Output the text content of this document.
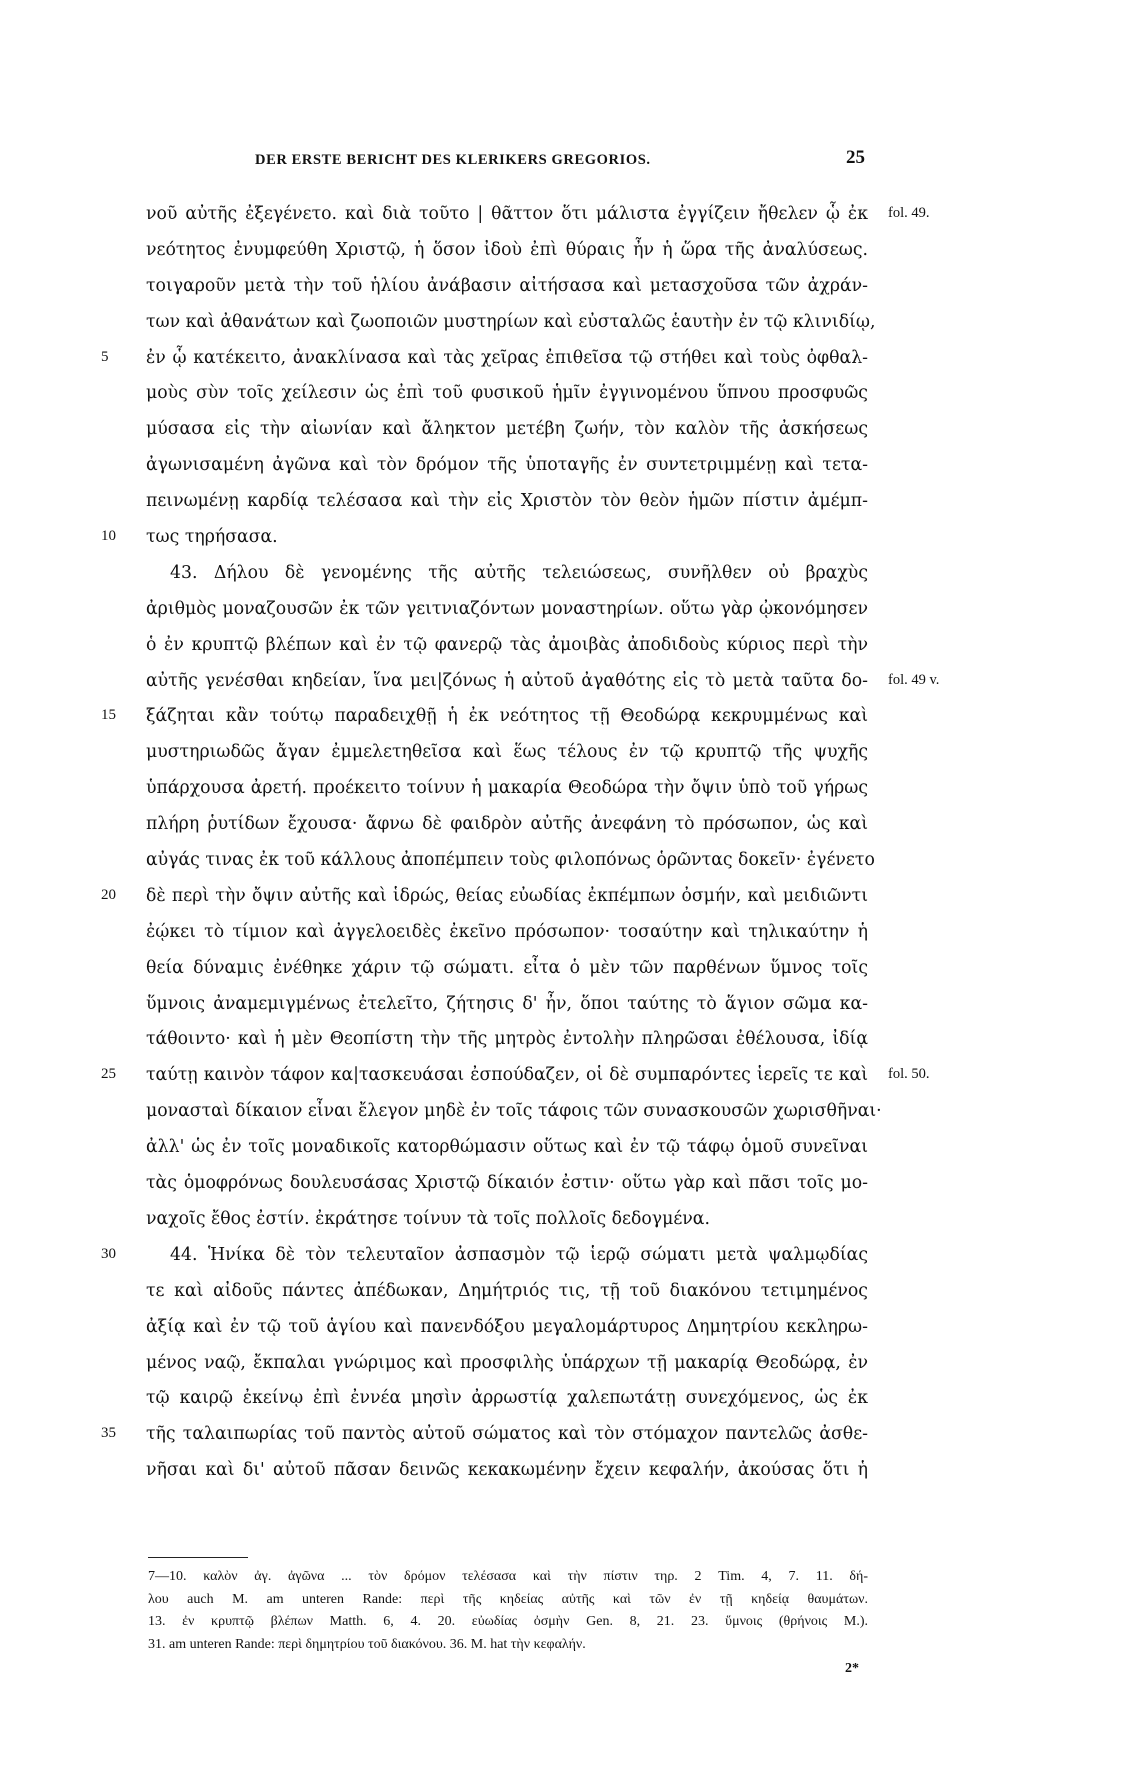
DER ERSTE BERICHT DES KLERIKERS GREGORIOS.	25
νοῦ αὐτῆς ἐξεγένετο. καὶ διὰ τοῦτο | θᾶττον ὅτι μάλιστα ἐγγίζειν ἤθελεν ᾧ ἐκ fol. 49.
νεότητος ἐνυμφεύθη Χριστῷ, ἡ ὅσον ἰδοὺ ἐπὶ θύραις ἦν ἡ ὥρα τῆς ἀναλύσεως.
τοιγαροῦν μετὰ τὴν τοῦ ἡλίου ἀνάβασιν αἰτήσασα καὶ μετασχοῦσα τῶν ἀχράν-
των καὶ ἀθανάτων καὶ ζωοποιῶν μυστηρίων καὶ εὐσταλῶς ἑαυτὴν ἐν τῷ κλινιδίῳ,
5 ἐν ᾧ κατέκειτο, ἀνακλίνασα καὶ τὰς χεῖρας ἐπιθεῖσα τῷ στήθει καὶ τοὺς ὀφθαλ-
μοὺς σὺν τοῖς χείλεσιν ὡς ἐπὶ τοῦ φυσικοῦ ἡμῖν ἐγγινομένου ὕπνου προσφυῶς
μύσασα εἰς τὴν αἰωνίαν καὶ ἄληκτον μετέβη ζωήν, τὸν καλὸν τῆς ἀσκήσεως
ἀγωνισαμένη ἀγῶνα καὶ τὸν δρόμον τῆς ὑποταγῆς ἐν συντετριμμένῃ καὶ τετα-
πεινωμένῃ καρδίᾳ τελέσασα καὶ τὴν εἰς Χριστὸν τὸν θεὸν ἡμῶν πίστιν ἀμέμπ-
10 τως τηρήσασα.
43. Δήλου δὲ γενομένης τῆς αὐτῆς τελειώσεως, συνῆλθεν οὐ βραχὺς
ἀριθμὸς μοναζουσῶν ἐκ τῶν γειτνιαζόντων μοναστηρίων. οὕτω γὰρ ᾠκονόμησεν
ὁ ἐν κρυπτῷ βλέπων καὶ ἐν τῷ φανερῷ τὰς ἀμοιβὰς ἀποδιδοὺς κύριος περὶ τὴν
αὐτῆς γενέσθαι κηδείαν, ἵνα μει|ζόνως ἡ αὐτοῦ ἀγαθότης εἰς τὸ μετὰ ταῦτα δο- fol. 49 v.
15 ξάζηται κἂν τούτῳ παραδειχθῇ ἡ ἐκ νεότητος τῇ Θεοδώρᾳ κεκρυμμένως καὶ
μυστηριωδῶς ἄγαν ἐμμελετηθεῖσα καὶ ἕως τέλους ἐν τῷ κρυπτῷ τῆς ψυχῆς
ὑπάρχουσα ἀρετή. προέκειτο τοίνυν ἡ μακαρία Θεοδώρα τὴν ὄψιν ὑπὸ τοῦ γήρως
πλήρη ῥυτίδων ἔχουσα· ἄφνω δὲ φαιδρὸν αὐτῆς ἀνεφάνη τὸ πρόσωπον, ὡς καὶ
αὐγάς τινας ἐκ τοῦ κάλλους ἀποπέμπειν τοὺς φιλοπόνως ὁρῶντας δοκεῖν· ἐγένετο
20 δὲ περὶ τὴν ὄψιν αὐτῆς καὶ ἱδρώς, θείας εὐωδίας ἐκπέμπων ὀσμήν, καὶ μειδιῶντι
ἐῴκει τὸ τίμιον καὶ ἀγγελοειδὲς ἐκεῖνο πρόσωπον· τοσαύτην καὶ τηλικαύτην ἡ
θεία δύναμις ἐνέθηκε χάριν τῷ σώματι. εἶτα ὁ μὲν τῶν παρθένων ὕμνος τοῖς
ὕμνοις ἀναμεμιγμένως ἐτελεῖτο, ζήτησις δ' ἦν, ὅποι ταύτης τὸ ἅγιον σῶμα κα-
τάθοιντο· καὶ ἡ μὲν Θεοπίστη τὴν τῆς μητρὸς ἐντολὴν πληρῶσαι ἐθέλουσα, ἰδίᾳ
25 ταύτῃ καινὸν τάφον κα|τασκευάσαι ἐσπούδαζεν, οἱ δὲ συμπαρόντες ἱερεῖς τε καὶ fol. 50.
μονασταὶ δίκαιον εἶναι ἔλεγον μηδὲ ἐν τοῖς τάφοις τῶν συνασκουσῶν χωρισθῆναι·
ἀλλ' ὡς ἐν τοῖς μοναδικοῖς κατορθώμασιν οὕτως καὶ ἐν τῷ τάφῳ ὁμοῦ συνεῖναι
τὰς ὁμοφρόνως δουλευσάσας Χριστῷ δίκαιόν ἐστιν· οὕτω γὰρ καὶ πᾶσι τοῖς μο-
ναχοῖς ἔθος ἐστίν. ἐκράτησε τοίνυν τὰ τοῖς πολλοῖς δεδογμένα.
30	44. Ἡνίκα δὲ τὸν τελευταῖον ἀσπασμὸν τῷ ἱερῷ σώματι μετὰ ψαλμῳδίας
τε καὶ αἰδοῦς πάντες ἀπέδωκαν, Δημήτριός τις, τῇ τοῦ διακόνου τετιμημένος
ἀξίᾳ καὶ ἐν τῷ τοῦ ἁγίου καὶ πανενδόξου μεγαλομάρτυρος Δημητρίου κεκληρω-
μένος ναῷ, ἔκπαλαι γνώριμος καὶ προσφιλὴς ὑπάρχων τῇ μακαρίᾳ Θεοδώρᾳ, ἐν
τῷ καιρῷ ἐκείνῳ ἐπὶ ἐννέα μησὶν ἀρρωστίᾳ χαλεπωτάτῃ συνεχόμενος, ὡς ἐκ
35 τῆς ταλαιπωρίας τοῦ παντὸς αὐτοῦ σώματος καὶ τὸν στόμαχον παντελῶς ἀσθε-
νῆσαι καὶ δι' αὐτοῦ πᾶσαν δεινῶς κεκακωμένην ἔχειν κεφαλήν, ἀκούσας ὅτι ἡ
7—10. καλὸν ἀγ. ἀγῶνα ... τὸν δρόμον τελέσασα καὶ τὴν πίστιν τηρ. 2 Tim. 4, 7. 11. δή-
λου auch M. am unteren Rande: περὶ τῆς κηδείας αὐτῆς καὶ τῶν ἐν τῇ κηδείᾳ θαυμάτων.
13. ἐν κρυπτῷ βλέπων Matth. 6, 4. 20. εὐωδίας ὀσμὴν Gen. 8, 21. 23. ὕμνοις (θρήνοις M.).
31. am unteren Rande: περὶ δημητρίου τοῦ διακόνου. 36. M. hat τὴν κεφαλήν.
2*
